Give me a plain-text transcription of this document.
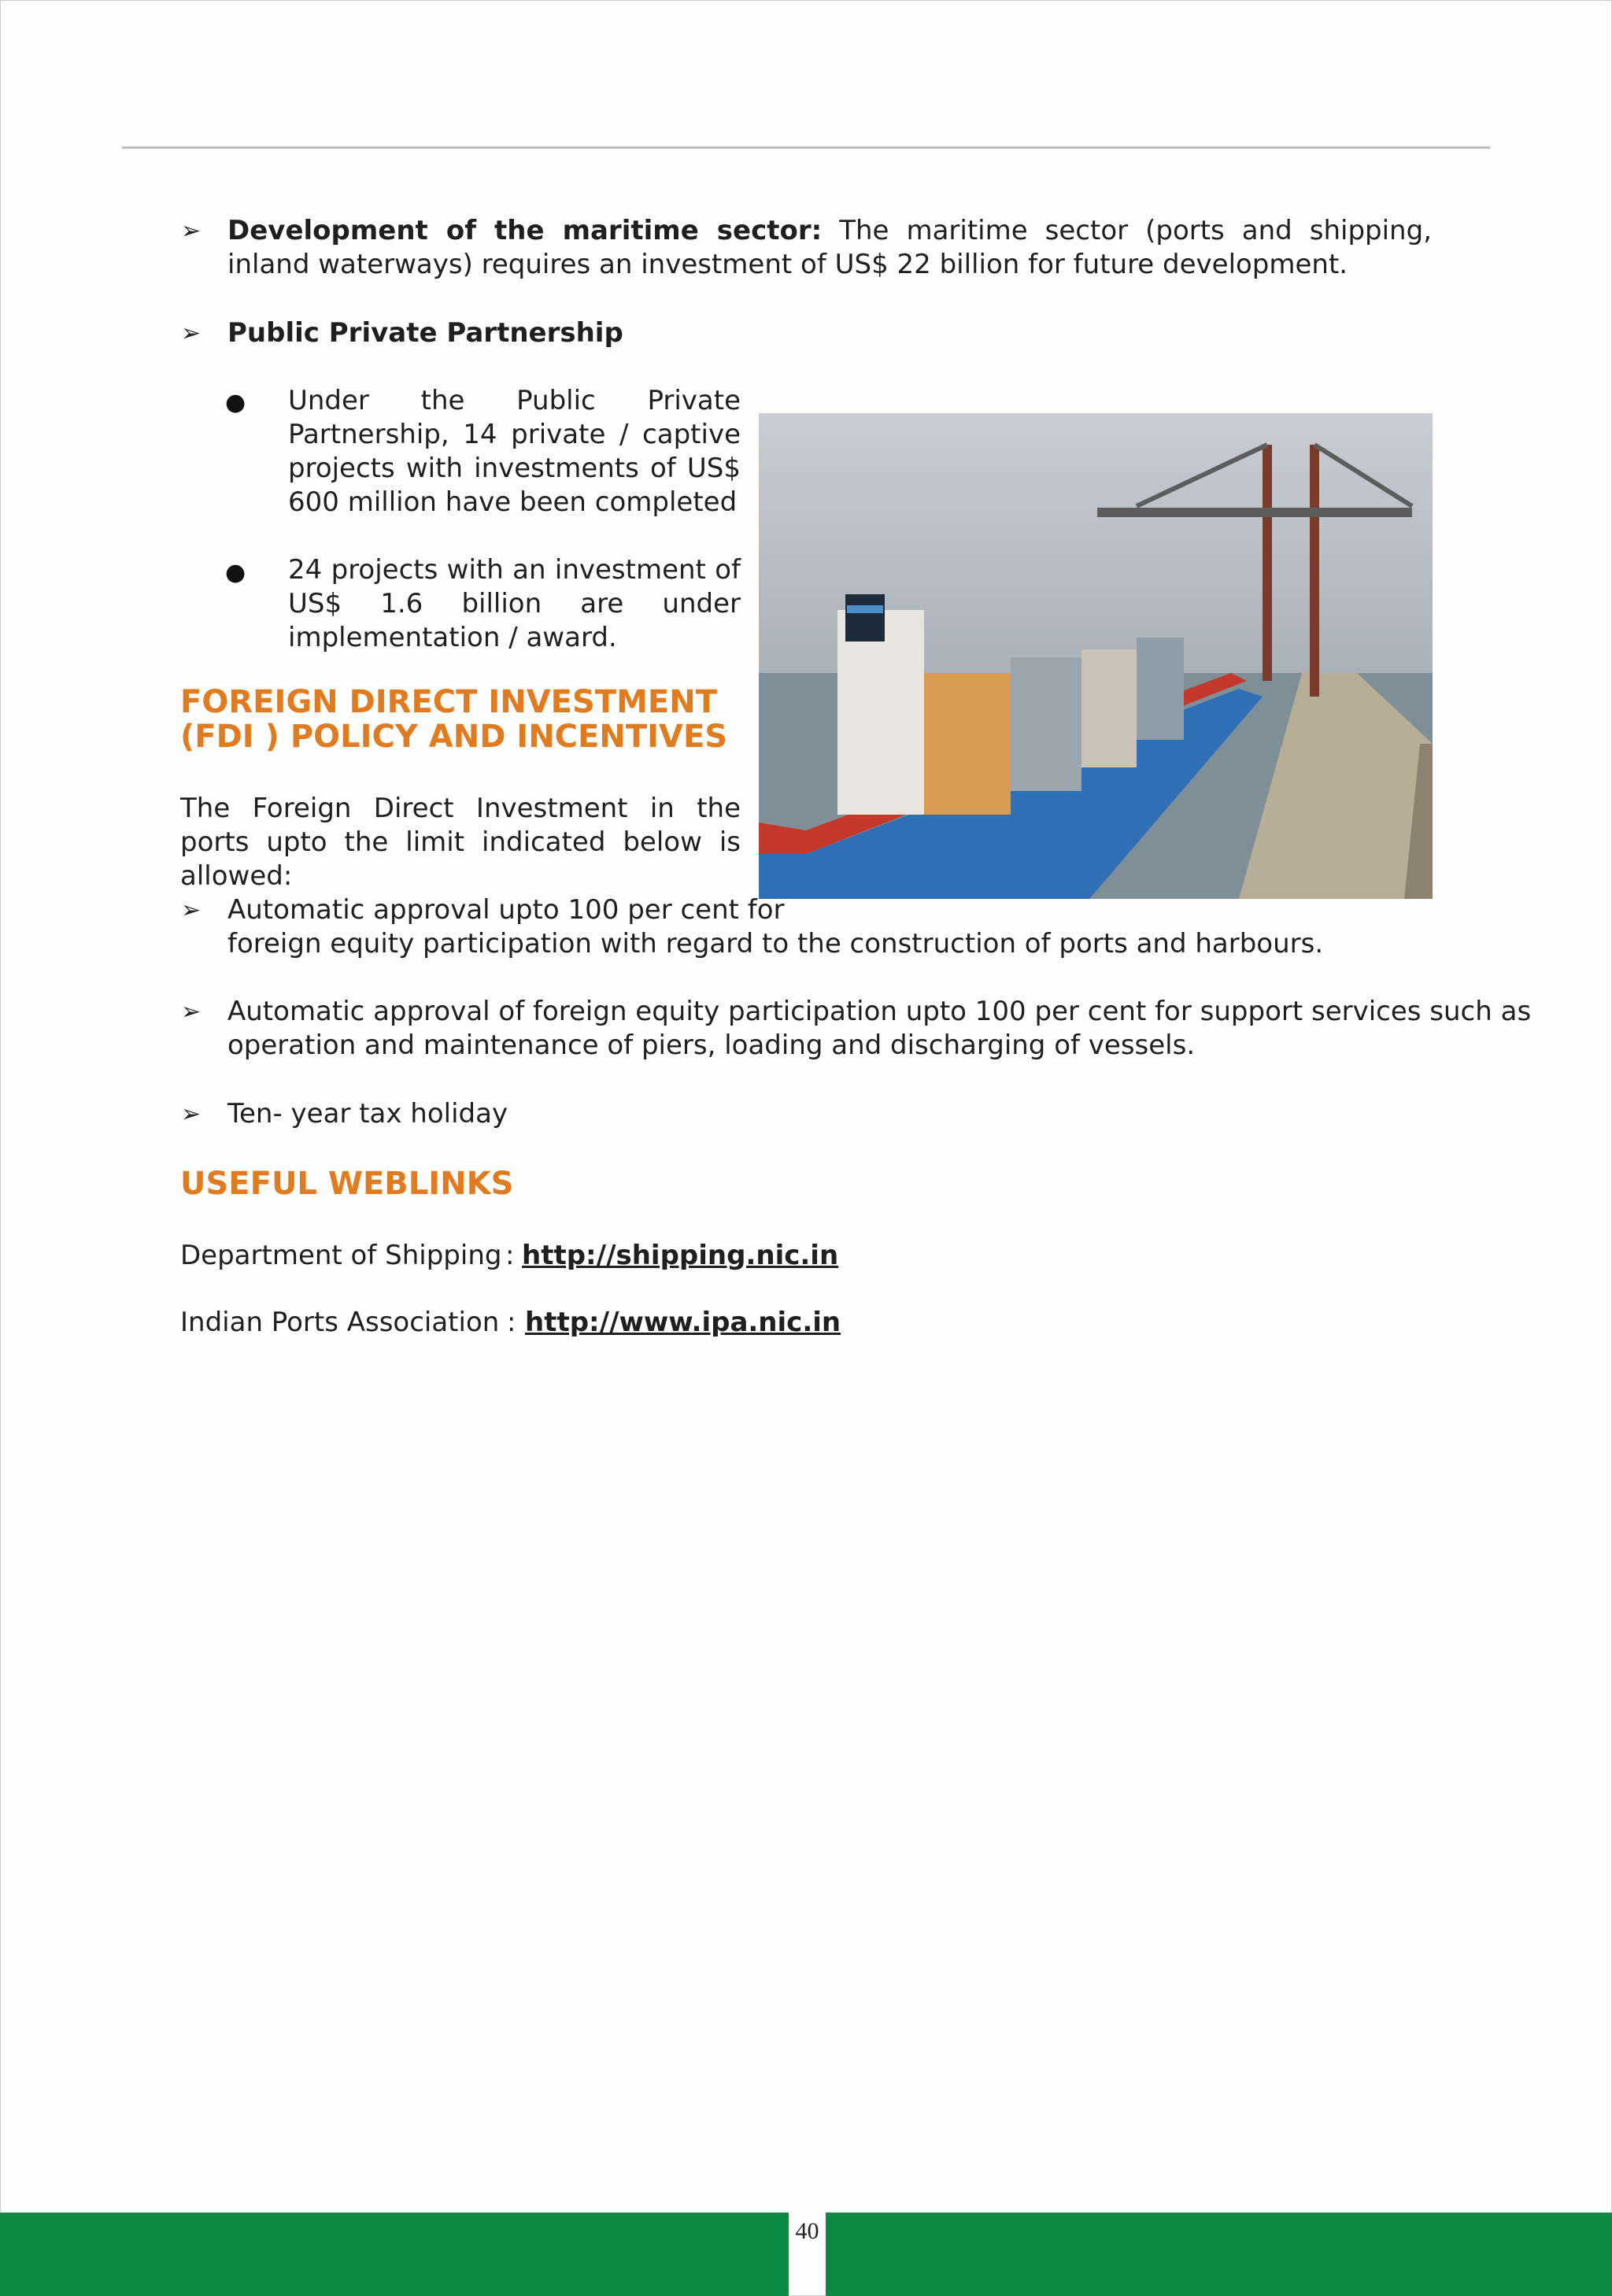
➢ Development of the maritime sector: The maritime sector (ports and shipping, inland waterways) requires an investment of US$ 22 billion for future development.
➢ Public Private Partnership
● Under the Public Private Partnership, 14 private / captive projects with investments of US$ 600 million have been completed
● 24 projects with an investment of US$ 1.6 billion are under implementation / award.
FOREIGN DIRECT INVESTMENT
(FDI ) POLICY AND INCENTIVES
The Foreign Direct Investment in the ports upto the limit indicated below is allowed:
➢ Automatic approval upto 100 per cent for
foreign equity participation with regard to the construction of ports and harbours.
➢ Automatic approval of foreign equity participation upto 100 per cent for support services such as
operation and maintenance of piers, loading and discharging of vessels.
➢ Ten- year tax holiday
USEFUL WEBLINKS
Department of Shipping : http://shipping.nic.in
Indian Ports Association : http://www.ipa.nic.in
40
